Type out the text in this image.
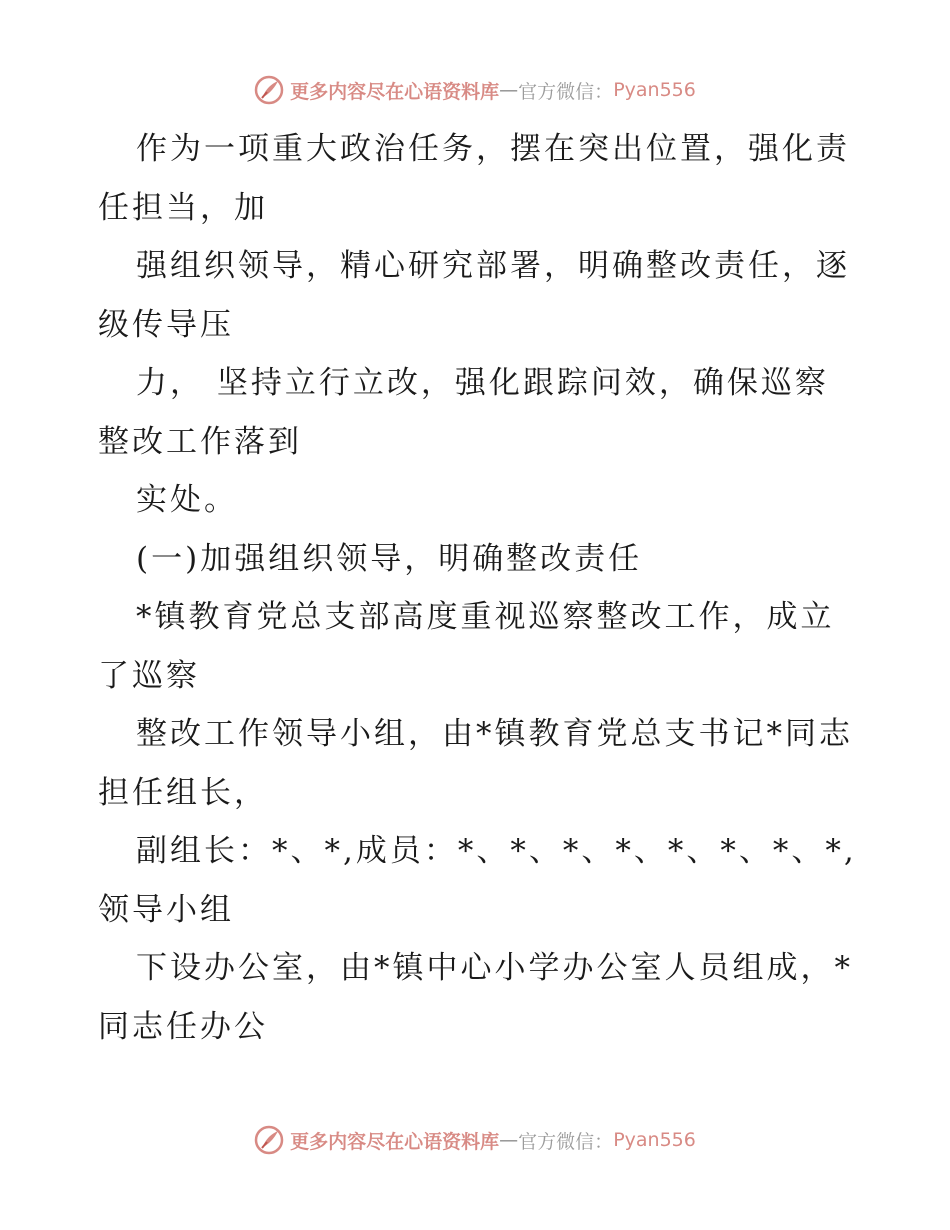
更多内容尽在心语资料库 — 官方微信： Pyan556

作为一项重大政治任务，摆在突出位置，强化责

任担当，加

强组织领导，精心研究部署，明确整改责任，逐

级传导压

力， 坚持立行立改，强化跟踪问效，确保巡察

整改工作落到

实处。

(一)加强组织领导，明确整改责任

*镇教育党总支部高度重视巡察整改工作，成立

了巡察

整改工作领导小组，由*镇教育党总支书记*同志

担任组长，

副组长：*、*,成员：*、*、*、*、*、*、*、*,

领导小组

下设办公室，由*镇中心小学办公室人员组成，*

同志任办公

更多内容尽在心语资料库 — 官方微信： Pyan556
